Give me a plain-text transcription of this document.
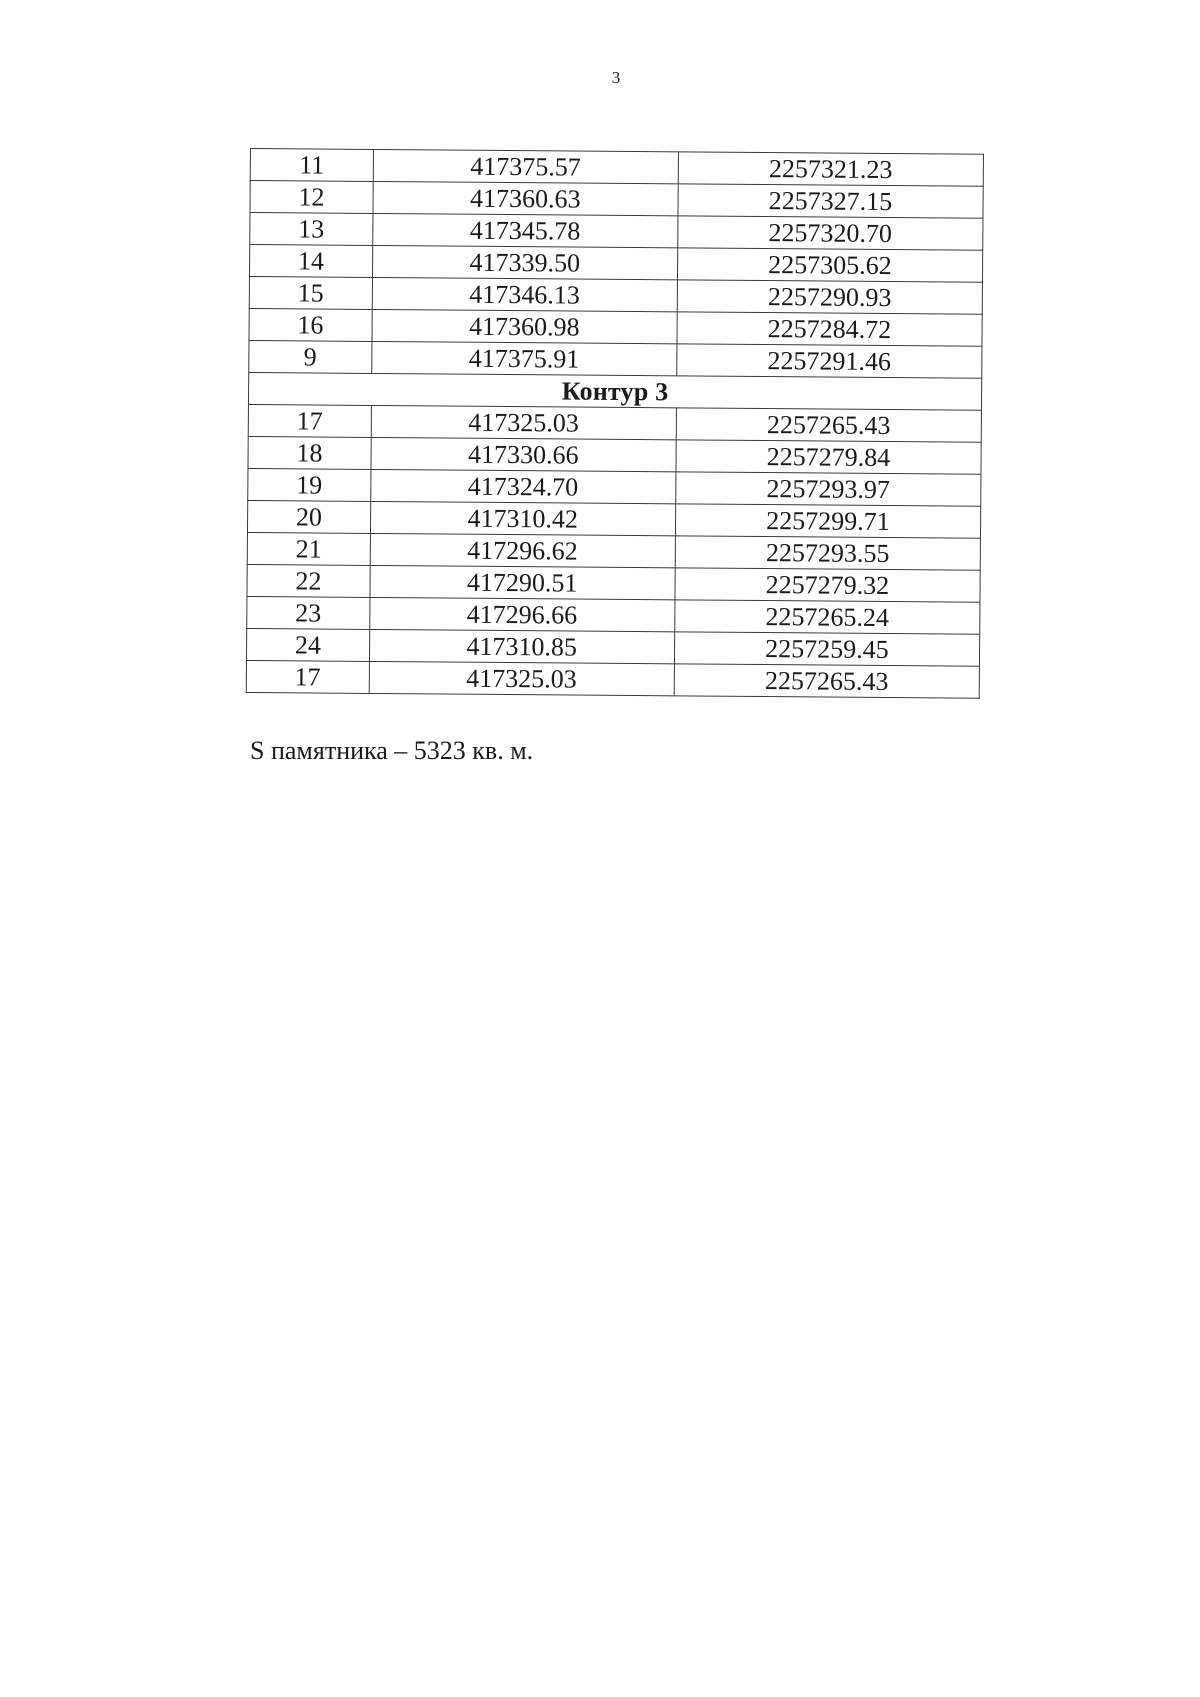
3
11	417375.57	2257321.23
12	417360.63	2257327.15
13	417345.78	2257320.70
14	417339.50	2257305.62
15	417346.13	2257290.93
16	417360.98	2257284.72
9	417375.91	2257291.46
Контур 3		
17	417325.03	2257265.43
18	417330.66	2257279.84
19	417324.70	2257293.97
20	417310.42	2257299.71
21	417296.62	2257293.55
22	417290.51	2257279.32
23	417296.66	2257265.24
24	417310.85	2257259.45
17	417325.03	2257265.43
S памятника – 5323 кв. м.
